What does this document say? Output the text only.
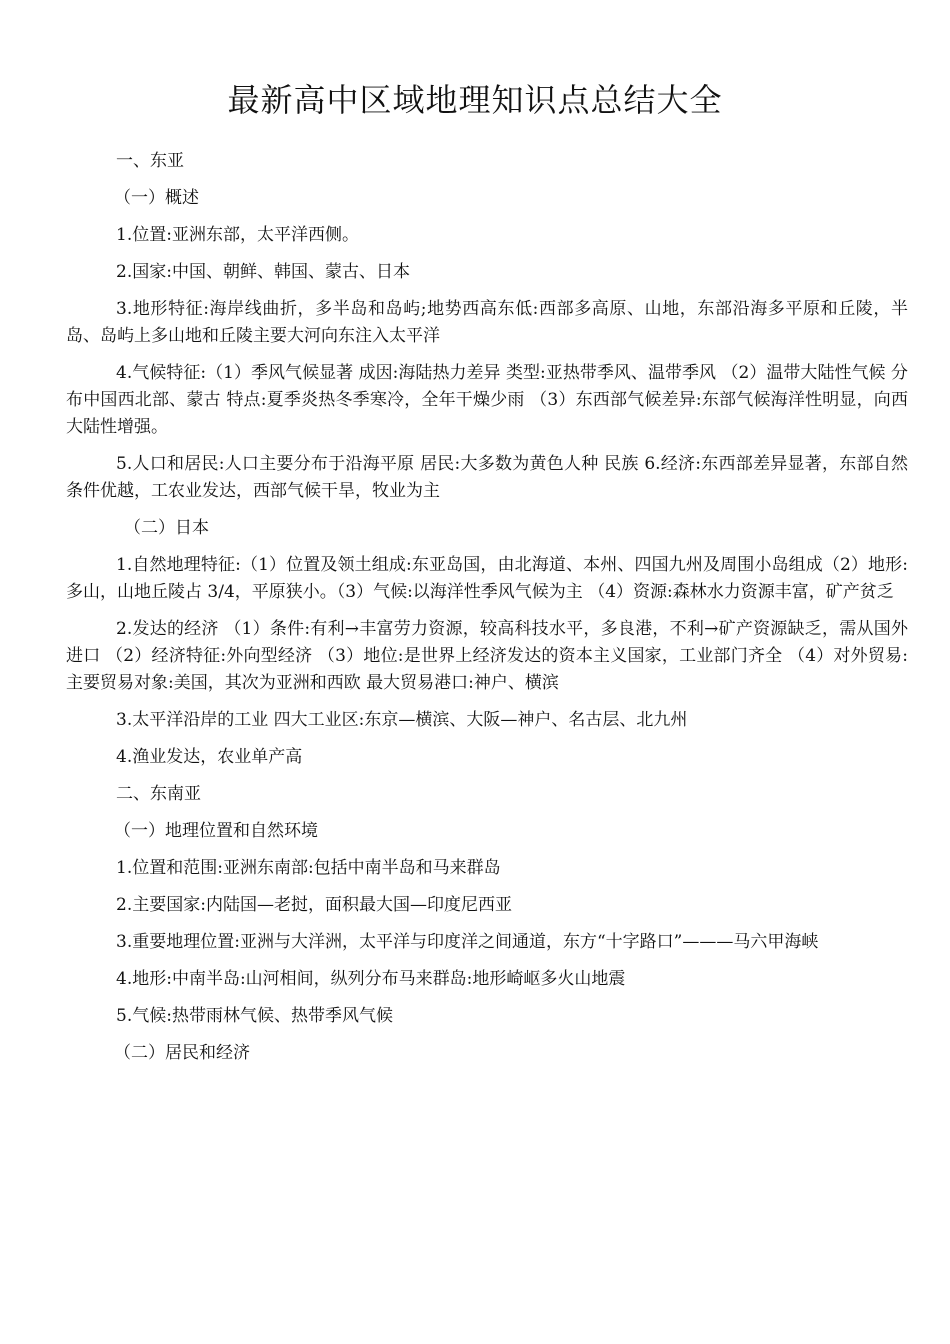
最新高中区域地理知识点总结大全

一、东亚

（一）概述

1.位置:亚洲东部，太平洋西侧。

2.国家:中国、朝鲜、韩国、蒙古、日本

3.地形特征:海岸线曲折，多半岛和岛屿;地势西高东低:西部多高原、山地，东部沿海多平原和丘陵，半岛、岛屿上多山地和丘陵主要大河向东注入太平洋

4.气候特征:（1）季风气候显著 成因:海陆热力差异 类型:亚热带季风、温带季风 （2）温带大陆性气候 分布中国西北部、蒙古 特点:夏季炎热冬季寒冷，全年干燥少雨 （3）东西部气候差异:东部气候海洋性明显，向西大陆性增强。

5.人口和居民:人口主要分布于沿海平原 居民:大多数为黄色人种 民族 6.经济:东西部差异显著，东部自然条件优越，工农业发达，西部气候干旱，牧业为主

（二）日本

1.自然地理特征:（1）位置及领土组成:东亚岛国，由北海道、本州、四国九州及周围小岛组成（2）地形:多山，山地丘陵占 3/4，平原狭小。（3）气候:以海洋性季风气候为主 （4）资源:森林水力资源丰富，矿产贫乏

2.发达的经济 （1）条件:有利→丰富劳力资源，较高科技水平，多良港，不利→矿产资源缺乏，需从国外进口 （2）经济特征:外向型经济 （3）地位:是世界上经济发达的资本主义国家，工业部门齐全 （4）对外贸易:主要贸易对象:美国，其次为亚洲和西欧 最大贸易港口:神户、横滨

3.太平洋沿岸的工业 四大工业区:东京—横滨、大阪—神户、名古层、北九州

4.渔业发达，农业单产高

二、东南亚

（一）地理位置和自然环境

1.位置和范围:亚洲东南部:包括中南半岛和马来群岛

2.主要国家:内陆国—老挝，面积最大国—印度尼西亚

3.重要地理位置:亚洲与大洋洲，太平洋与印度洋之间通道，东方“十字路口”———马六甲海峡

4.地形:中南半岛:山河相间，纵列分布马来群岛:地形崎岖多火山地震

5.气候:热带雨林气候、热带季风气候

（二）居民和经济
